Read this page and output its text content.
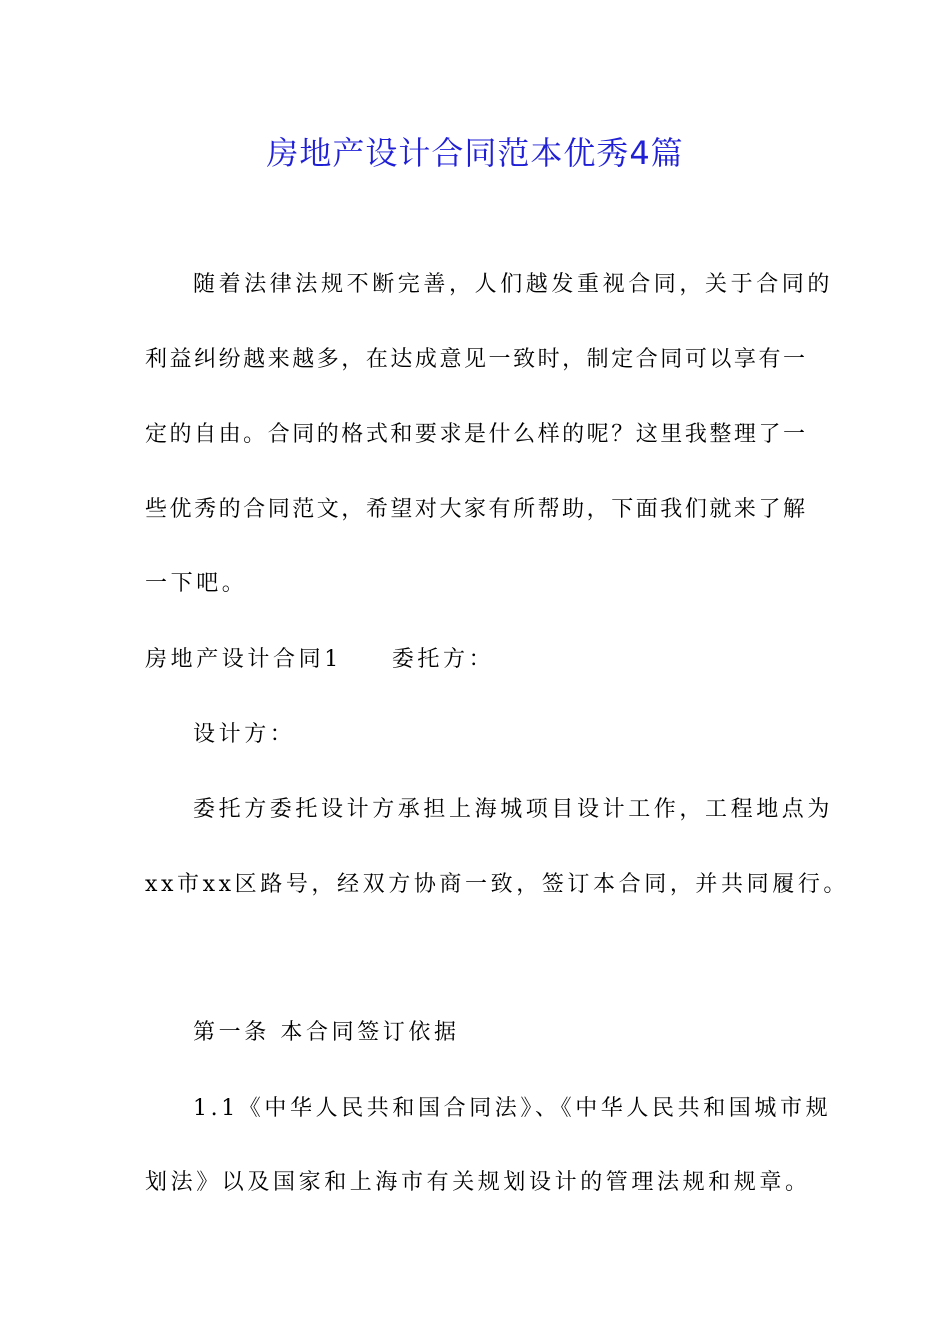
房地产设计合同范本优秀4篇
随着法律法规不断完善，人们越发重视合同，关于合同的
利益纠纷越来越多，在达成意见一致时，制定合同可以享有一
定的自由。合同的格式和要求是什么样的呢？这里我整理了一
些优秀的合同范文，希望对大家有所帮助，下面我们就来了解
一下吧。
房地产设计合同1 委托方：
设计方：
委托方委托设计方承担上海城项目设计工作，工程地点为
xx市xx区路号，经双方协商一致，签订本合同，并共同履行。
第一条 本合同签订依据
1.1《中华人民共和国合同法》、《中华人民共和国城市规
划法》以及国家和上海市有关规划设计的管理法规和规章。
